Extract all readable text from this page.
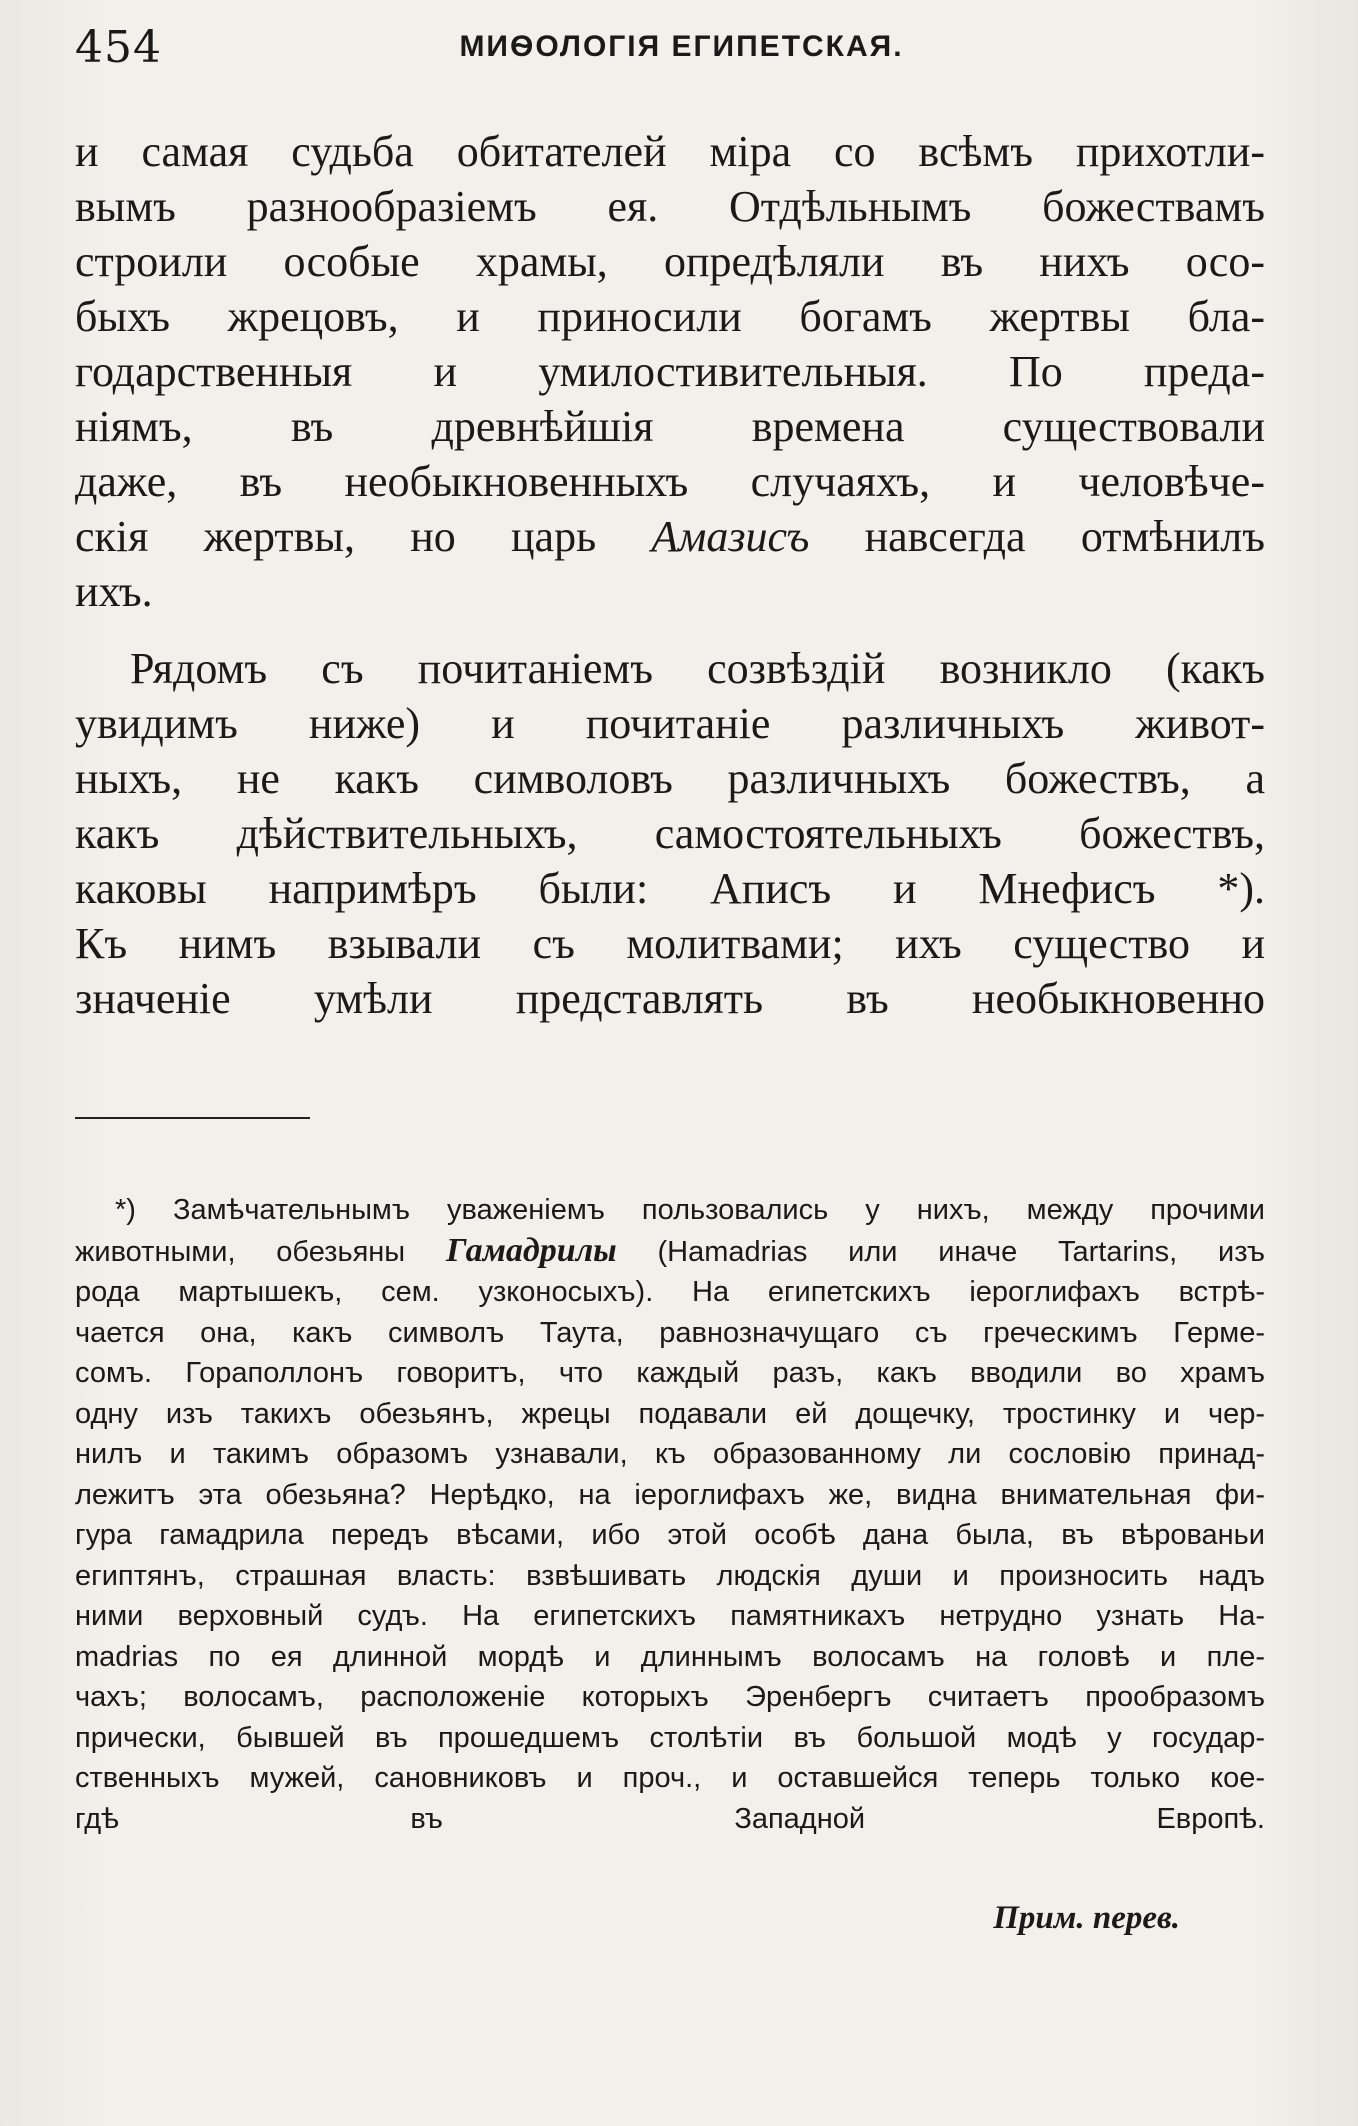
454	МИѲОЛОГІЯ ЕГИПЕТСКАЯ.
и самая судьба обитателей міра со всѣмъ прихотли-
вымъ разнообразіемъ ея. Отдѣльнымъ божествамъ
строили особые храмы, опредѣляли въ нихъ осо-
быхъ жрецовъ, и приносили богамъ жертвы бла-
годарственныя и умилостивительныя. По преда-
ніямъ, въ древнѣйшія времена существовали
даже, въ необыкновенныхъ случаяхъ, и человѣче-
скія жертвы, но царь Амазисъ навсегда отмѣнилъ
ихъ.
Рядомъ съ почитаніемъ созвѣздій возникло (какъ
увидимъ ниже) и почитаніе различныхъ живот-
ныхъ, не какъ символовъ различныхъ божествъ, а
какъ дѣйствительныхъ, самостоятельныхъ божествъ,
каковы напримѣръ были: Аписъ и Мнефисъ *).
Къ нимъ взывали съ молитвами; ихъ существо и
значеніе умѣли представлять въ необыкновенно
*) Замѣчательнымъ уваженіемъ пользовались у нихъ, между прочими
животными, обезьяны Гамадрилы (Hamadrias или иначе Tartarins, изъ
рода мартышекъ, сем. узконосыхъ). На египетскихъ іероглифахъ встрѣ-
чается она, какъ символъ Таута, равнозначущаго съ греческимъ Герме-
сомъ. Гораполлонъ говоритъ, что каждый разъ, какъ вводили во храмъ
одну изъ такихъ обезьянъ, жрецы подавали ей дощечку, тростинку и чер-
нилъ и такимъ образомъ узнавали, къ образованному ли сословію принад-
лежитъ эта обезьяна? Нерѣдко, на іероглифахъ же, видна внимательная фи-
гура гамадрила передъ вѣсами, ибо этой особѣ дана была, въ вѣрованьи
египтянъ, страшная власть: взвѣшивать людскія души и произносить надъ
ними верховный судъ. На египетскихъ памятникахъ нетрудно узнать На-
madrias по ея длинной мордѣ и длиннымъ волосамъ на головѣ и пле-
чахъ; волосамъ, расположеніе которыхъ Эренбергъ считаетъ прообразомъ
прически, бывшей въ прошедшемъ столѣтіи въ большой модѣ у государ-
ственныхъ мужей, сановниковъ и проч., и оставшейся теперь только кое-
гдѣ въ Западной Европѣ.
Прим. перев.
